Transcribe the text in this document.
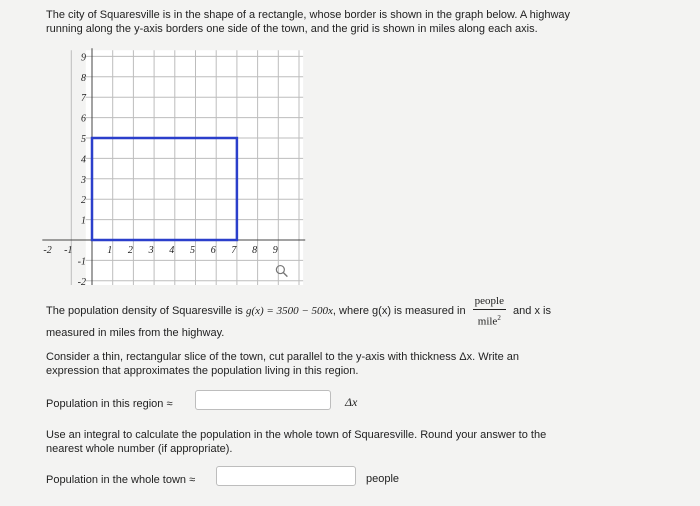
The city of Squaresville is in the shape of a rectangle, whose border is shown in the graph below. A highway
running along the y-axis borders one side of the town, and the grid is shown in miles along each axis.
-2 -1	1 2 3 4 5 6 7 8 9
9
8
7
6
5
4
3
2
1
-1
-2
The population density of Squaresville is g(x) = 3500 − 500x, where g(x) is measured in $\frac{\text{people}}{mile^2}$ and x is
measured in miles from the highway.
Consider a thin, rectangular slice of the town, cut parallel to the y-axis with thickness Δx. Write an
expression that approximates the population living in this region.
Population in this region ≈	Δx
Use an integral to calculate the population in the whole town of Squaresville. Round your answer to the
nearest whole number (if appropriate).
Population in the whole town ≈	people
